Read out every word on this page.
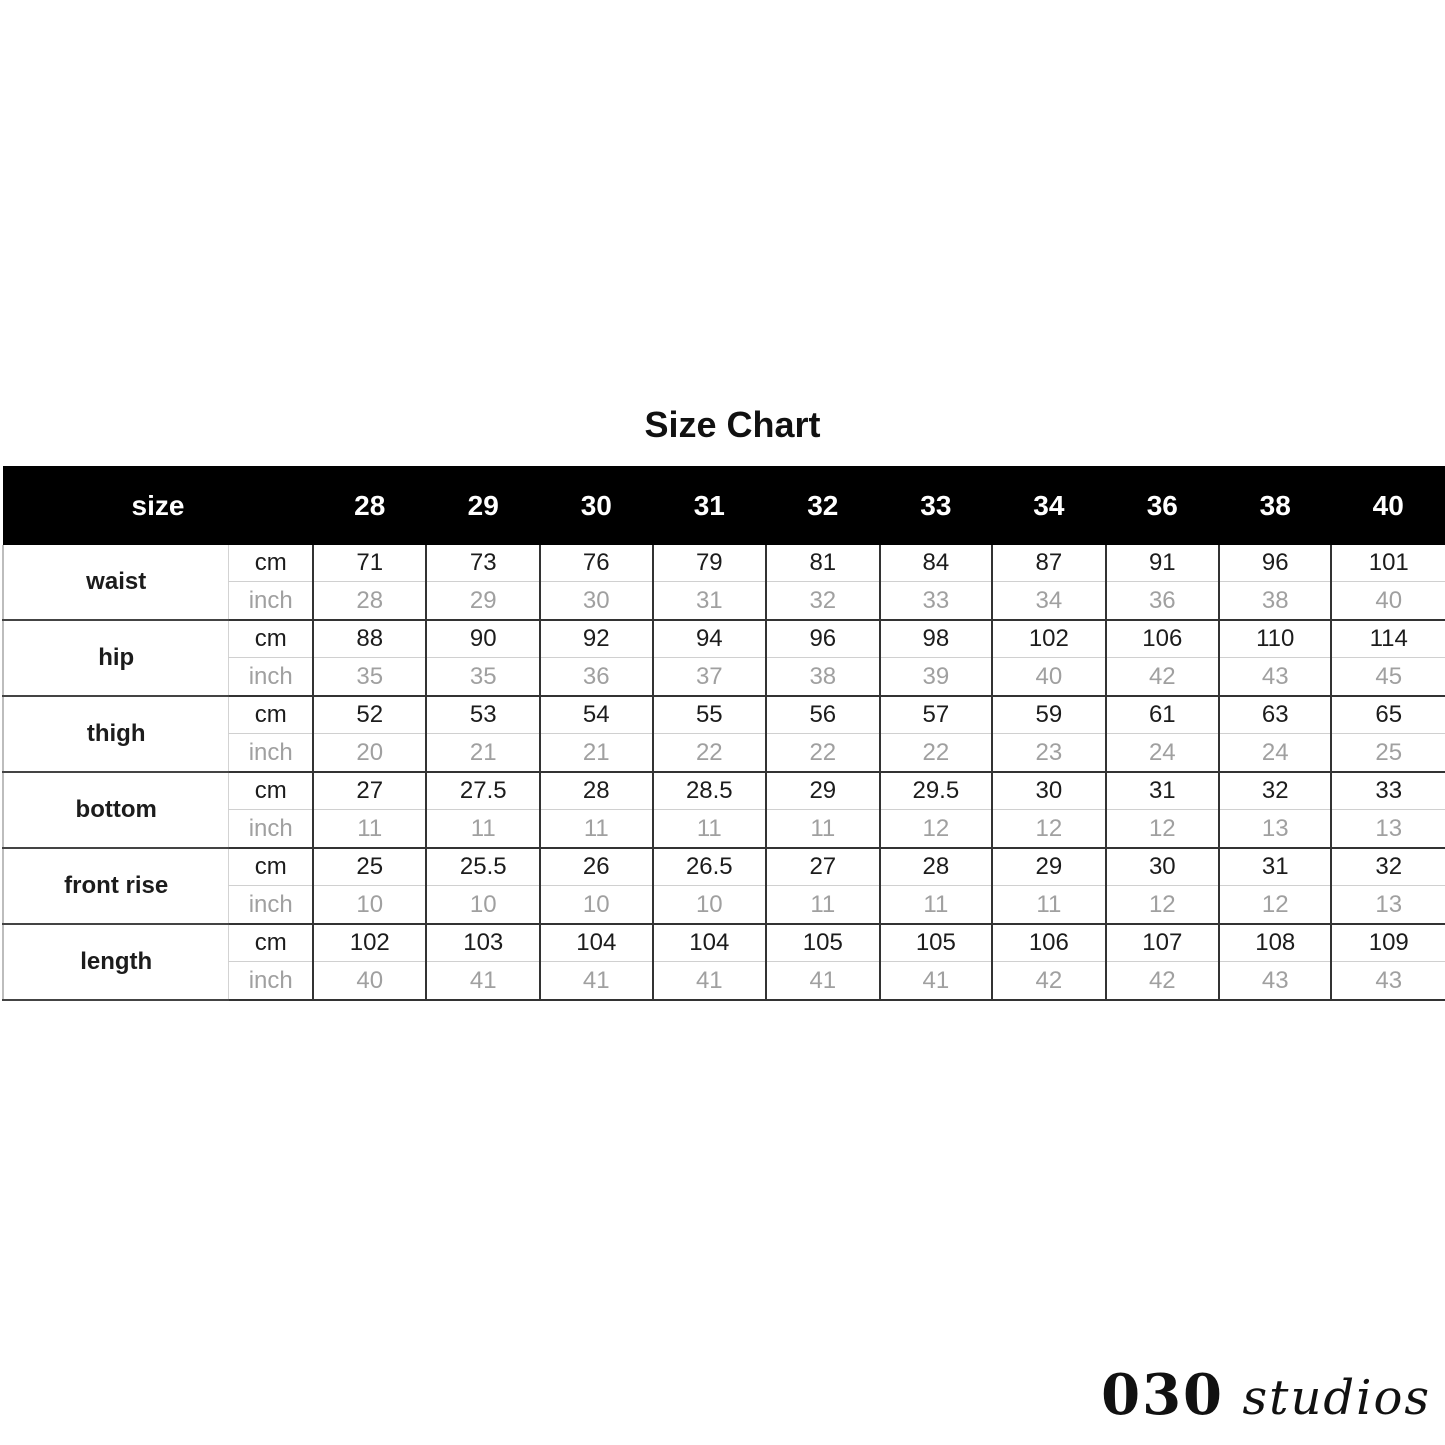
Size Chart
size		28	29	30	31	32	33	34	36	38	40
waist	cm	71	73	76	79	81	84	87	91	96	101
	inch	28	29	30	31	32	33	34	36	38	40
hip	cm	88	90	92	94	96	98	102	106	110	114
	inch	35	35	36	37	38	39	40	42	43	45
thigh	cm	52	53	54	55	56	57	59	61	63	65
	inch	20	21	21	22	22	22	23	24	24	25
bottom	cm	27	27.5	28	28.5	29	29.5	30	31	32	33
	inch	11	11	11	11	11	12	12	12	13	13
front rise	cm	25	25.5	26	26.5	27	28	29	30	31	32
	inch	10	10	10	10	11	11	11	12	12	13
length	cm	102	103	104	104	105	105	106	107	108	109
	inch	40	41	41	41	41	41	42	42	43	43
030 studios
